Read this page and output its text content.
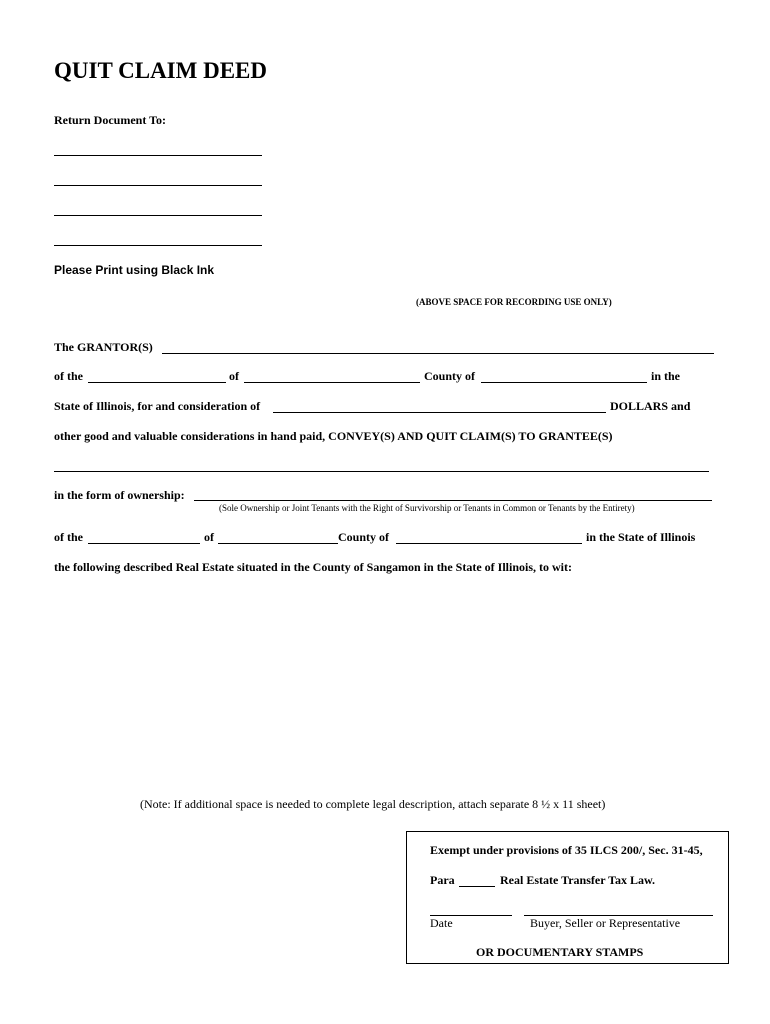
QUIT CLAIM DEED
Return Document To:
Please Print using Black Ink
(ABOVE SPACE FOR RECORDING USE ONLY)
The GRANTOR(S)
of the	of	County of	in the
State of Illinois, for and consideration of	DOLLARS and
other good and valuable considerations in hand paid, CONVEY(S) AND QUIT CLAIM(S) TO GRANTEE(S)
in the form of ownership:
(Sole Ownership or Joint Tenants with the Right of Survivorship or Tenants in Common or Tenants by the Entirety)
of the	of	County of	in the State of Illinois
the following described Real Estate situated in the County of Sangamon in the State of Illinois, to wit:
(Note: If additional space is needed to complete legal description, attach separate 8 ½ x 11 sheet)
Exempt under provisions of 35 ILCS 200/, Sec. 31-45,
Para	Real Estate Transfer Tax Law.
Date	Buyer, Seller or Representative
OR DOCUMENTARY STAMPS
